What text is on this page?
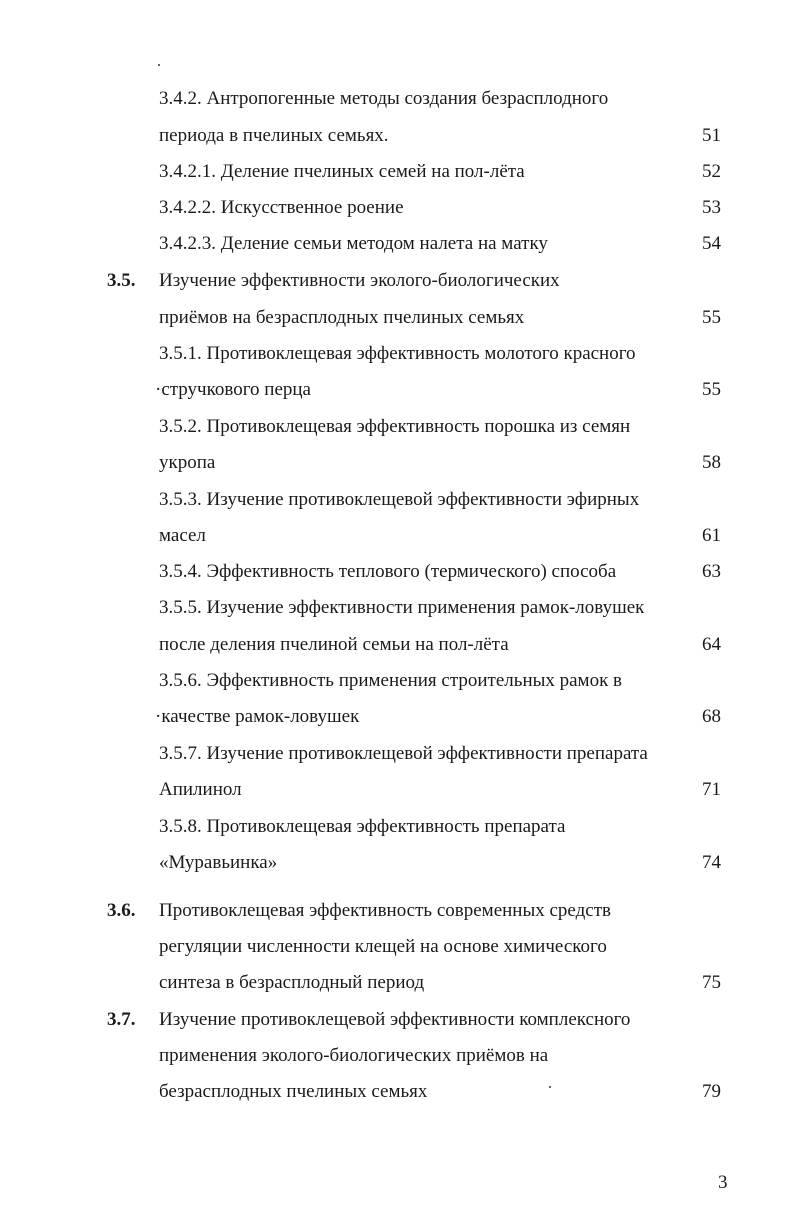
3.4.2. Антропогенные методы создания безрасплодного
периода в пчелиных семьях.	51
3.4.2.1. Деление пчелиных семей на пол-лёта	52
3.4.2.2. Искусственное роение	53
3.4.2.3. Деление семьи методом налета на матку	54
3.5. Изучение эффективности эколого-биологических
приёмов на безрасплодных пчелиных семьях	55
3.5.1. Противоклещевая эффективность молотого красного
·стручкового перца	55
3.5.2. Противоклещевая эффективность порошка из семян
укропа	58
3.5.3. Изучение противоклещевой эффективности эфирных
масел	61
3.5.4. Эффективность теплового (термического) способа	63
3.5.5. Изучение эффективности применения рамок-ловушек
после деления пчелиной семьи на пол-лёта	64
3.5.6. Эффективность применения строительных рамок в
·качестве рамок-ловушек	68
3.5.7. Изучение противоклещевой эффективности препарата
Апилинол	71
3.5.8. Противоклещевая эффективность препарата
«Муравьинка»	74
3.6. Противоклещевая эффективность современных средств
регуляции численности клещей на основе химического
синтеза в безрасплодный период	75
3.7. Изучение противоклещевой эффективности комплексного
применения эколого-биологических приёмов на
безрасплодных пчелиных семьях	79
3
